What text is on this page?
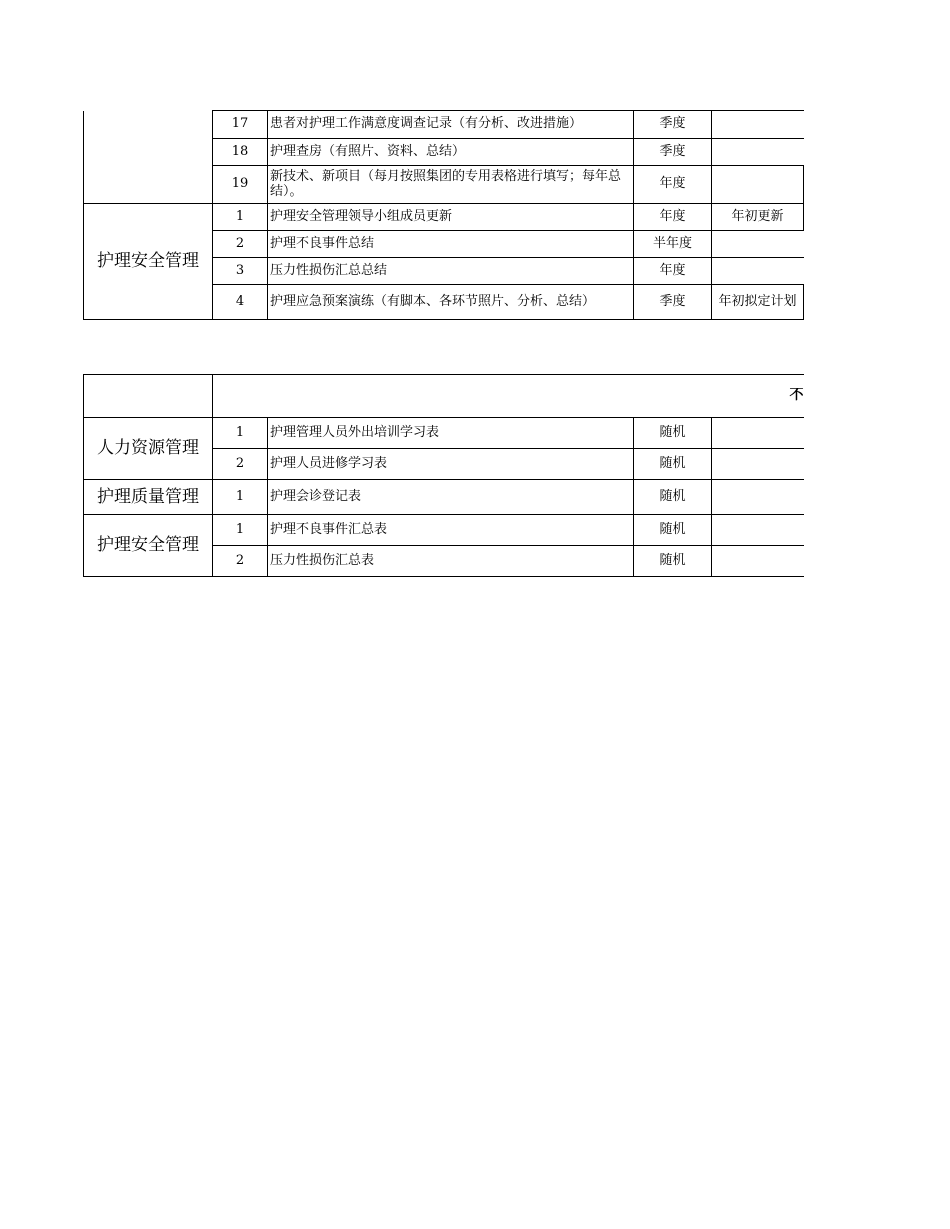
	17	患者对护理工作满意度调查记录（有分析、改进措施）	季度	
	18	护理查房（有照片、资料、总结）	季度	
	19	新技术、新项目（每月按照集团的专用表格进行填写；每年总结）。	年度	
护理安全管理	1	护理安全管理领导小组成员更新	年度	年初更新
	2	护理不良事件总结	半年度	
	3	压力性损伤汇总总结	年度	
	4	护理应急预案演练（有脚本、各环节照片、分析、总结）	季度	年初拟定计划

	不			

人力资源管理	1	护理管理人员外出培训学习表	随机	
	2	护理人员进修学习表	随机	
护理质量管理	1	护理会诊登记表	随机	
护理安全管理	1	护理不良事件汇总表	随机	
	2	压力性损伤汇总表	随机	
